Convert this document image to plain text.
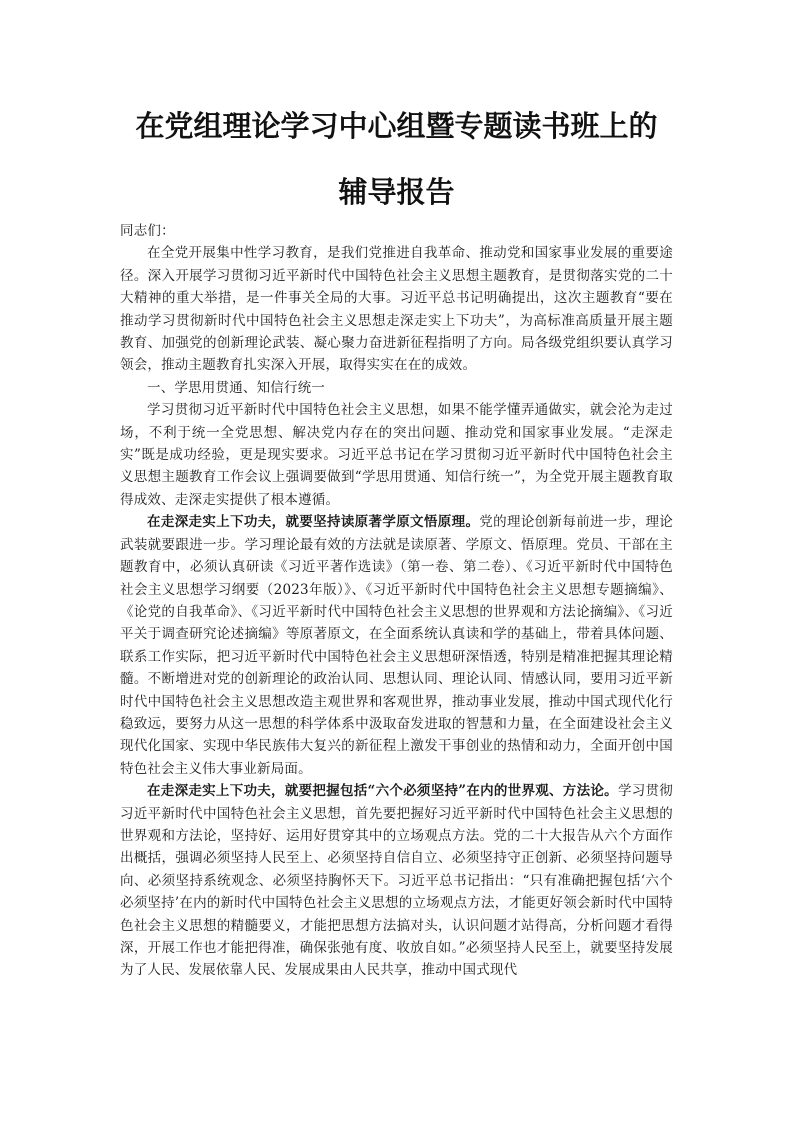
在党组理论学习中心组暨专题读书班上的
辅导报告

同志们：

在全党开展集中性学习教育，是我们党推进自我革命、推动党和国家事业发展的重要途径。深入开展学习贯彻习近平新时代中国特色社会主义思想主题教育，是贯彻落实党的二十大精神的重大举措，是一件事关全局的大事。习近平总书记明确提出，这次主题教育“要在推动学习贯彻新时代中国特色社会主义思想走深走实上下功夫”，为高标准高质量开展主题教育、加强党的创新理论武装、凝心聚力奋进新征程指明了方向。局各级党组织要认真学习领会，推动主题教育扎实深入开展，取得实实在在的成效。

一、学思用贯通、知信行统一

学习贯彻习近平新时代中国特色社会主义思想，如果不能学懂弄通做实，就会沦为走过场，不利于统一全党思想、解决党内存在的突出问题、推动党和国家事业发展。“走深走实”既是成功经验，更是现实要求。习近平总书记在学习贯彻习近平新时代中国特色社会主义思想主题教育工作会议上强调要做到“学思用贯通、知信行统一”，为全党开展主题教育取得成效、走深走实提供了根本遵循。

在走深走实上下功夫，就要坚持读原著学原文悟原理。党的理论创新每前进一步，理论武装就要跟进一步。学习理论最有效的方法就是读原著、学原文、悟原理。党员、干部在主题教育中，必须认真研读《习近平著作选读》（第一卷、第二卷）、《习近平新时代中国特色社会主义思想学习纲要（2023年版）》、《习近平新时代中国特色社会主义思想专题摘编》、《论党的自我革命》、《习近平新时代中国特色社会主义思想的世界观和方法论摘编》、《习近平关于调查研究论述摘编》等原著原文，在全面系统认真读和学的基础上，带着具体问题、联系工作实际，把习近平新时代中国特色社会主义思想研深悟透，特别是精准把握其理论精髓。不断增进对党的创新理论的政治认同、思想认同、理论认同、情感认同，要用习近平新时代中国特色社会主义思想改造主观世界和客观世界，推动事业发展，推动中国式现代化行稳致远，要努力从这一思想的科学体系中汲取奋发进取的智慧和力量，在全面建设社会主义现代化国家、实现中华民族伟大复兴的新征程上激发干事创业的热情和动力，全面开创中国特色社会主义伟大事业新局面。

在走深走实上下功夫，就要把握包括“六个必须坚持”在内的世界观、方法论。学习贯彻习近平新时代中国特色社会主义思想，首先要把握好习近平新时代中国特色社会主义思想的世界观和方法论，坚持好、运用好贯穿其中的立场观点方法。党的二十大报告从六个方面作出概括，强调必须坚持人民至上、必须坚持自信自立、必须坚持守正创新、必须坚持问题导向、必须坚持系统观念、必须坚持胸怀天下。习近平总书记指出：“只有准确把握包括‘六个必须坚持’在内的新时代中国特色社会主义思想的立场观点方法，才能更好领会新时代中国特色社会主义思想的精髓要义，才能把思想方法搞对头，认识问题才站得高，分析问题才看得深，开展工作也才能把得准，确保张弛有度、收放自如。”必须坚持人民至上，就要坚持发展为了人民、发展依靠人民、发展成果由人民共享，推动中国式现代
